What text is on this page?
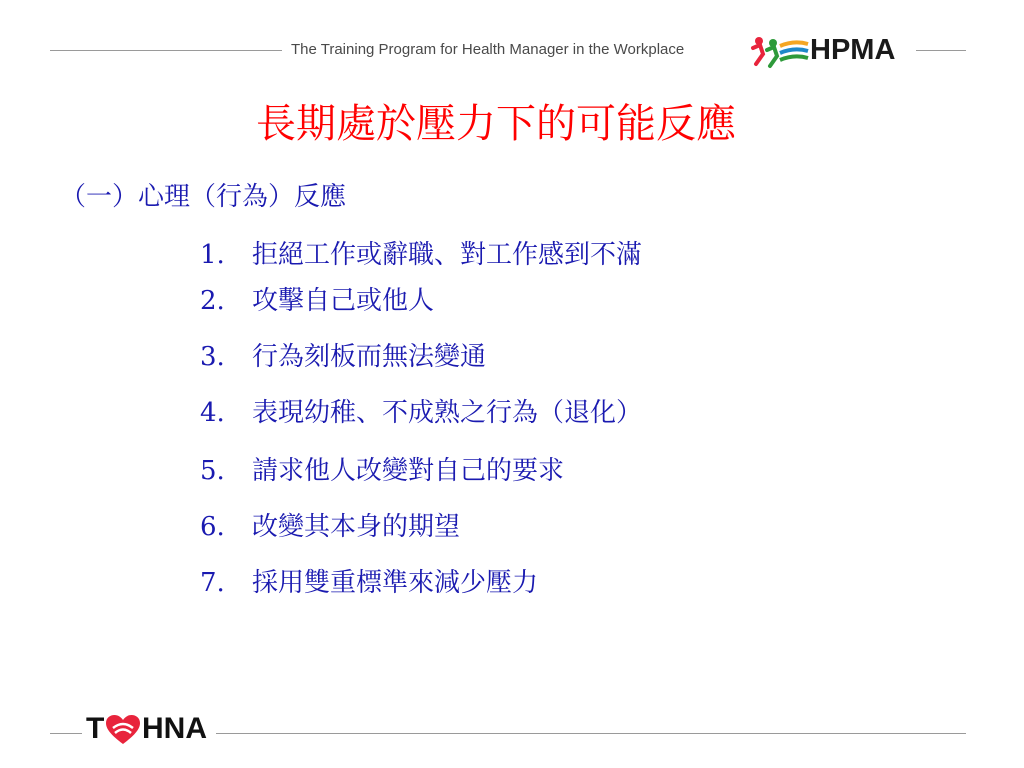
The Training Program for Health Manager in the Workplace	HPMA
長期處於壓力下的可能反應
（一）心理（行為）反應
1. 拒絕工作或辭職、對工作感到不滿
2. 攻擊自己或他人
3. 行為刻板而無法變通
4. 表現幼稚、不成熟之行為（退化）
5. 請求他人改變對自己的要求
6. 改變其本身的期望
7. 採用雙重標準來減少壓力
T HNA
